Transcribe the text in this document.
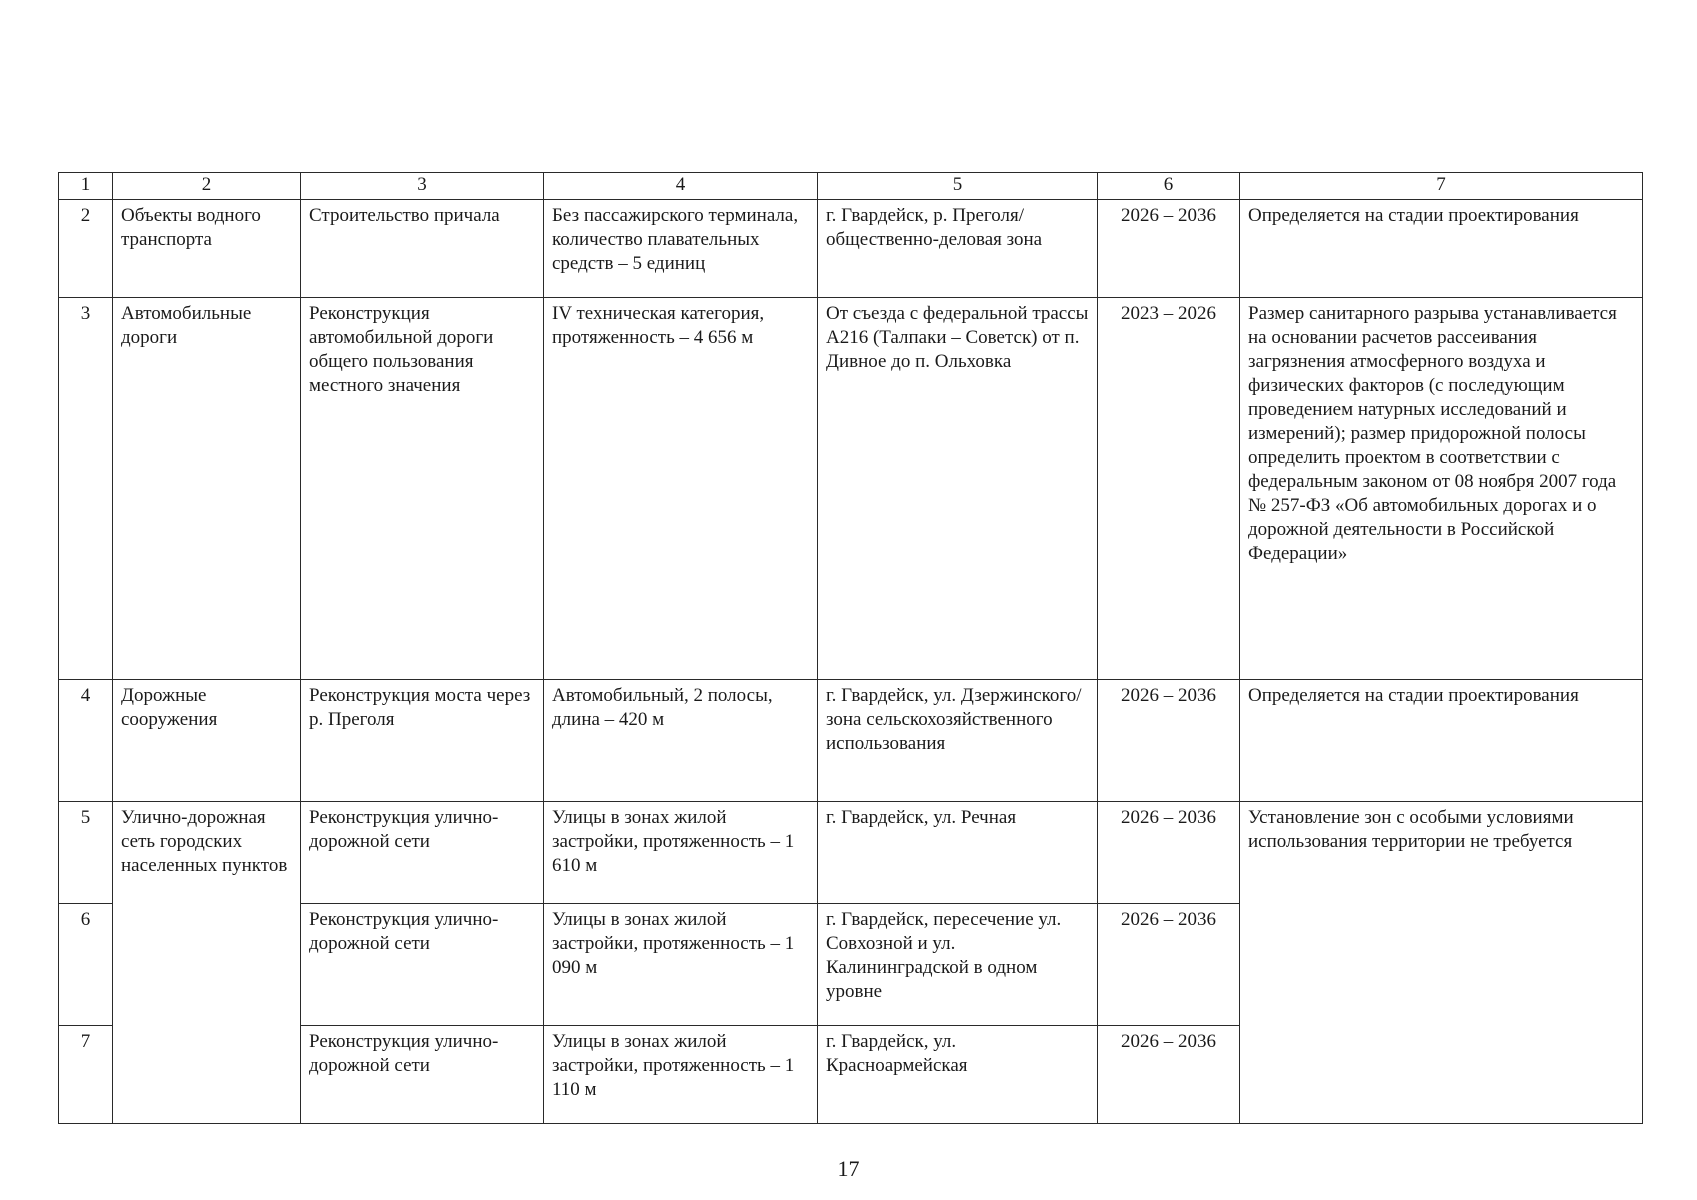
1	2	3	4	5	6	7
2	Объекты водного транспорта	Строительство причала	Без пассажирского терминала, количество плавательных средств – 5 единиц	г. Гвардейск, р. Преголя/ общественно-деловая зона	2026 – 2036	Определяется на стадии проектирования
3	Автомобильные дороги	Реконструкция автомобильной дороги общего пользования местного значения	IV техническая категория, протяженность – 4 656 м	От съезда с федеральной трассы А216 (Талпаки – Советск) от п. Дивное до п. Ольховка	2023 – 2026	Размер санитарного разрыва устанавливается на основании расчетов рассеивания загрязнения атмосферного воздуха и физических факторов (с последующим проведением натурных исследований и измерений); размер придорожной полосы определить проектом в соответствии с федеральным законом от 08 ноября 2007 года № 257-ФЗ «Об автомобильных дорогах и о дорожной деятельности в Российской Федерации»
4	Дорожные сооружения	Реконструкция моста через р. Преголя	Автомобильный, 2 полосы, длина – 420 м	г. Гвардейск, ул. Дзержинского/зона сельскохозяйственного использования	2026 – 2036	Определяется на стадии проектирования
5	Улично-дорожная сеть городских населенных пунктов	Реконструкция улично-дорожной сети	Улицы в зонах жилой застройки, протяженность – 1 610 м	г. Гвардейск, ул. Речная	2026 – 2036	Установление зон с особыми условиями использования территории не требуется
6		Реконструкция улично-дорожной сети	Улицы в зонах жилой застройки, протяженность – 1 090 м	г. Гвардейск, пересечение ул. Совхозной и ул. Калининградской в одном уровне	2026 – 2036	
7		Реконструкция улично-дорожной сети	Улицы в зонах жилой застройки, протяженность – 1 110 м	г. Гвардейск, ул. Красноармейская	2026 – 2036	
17
